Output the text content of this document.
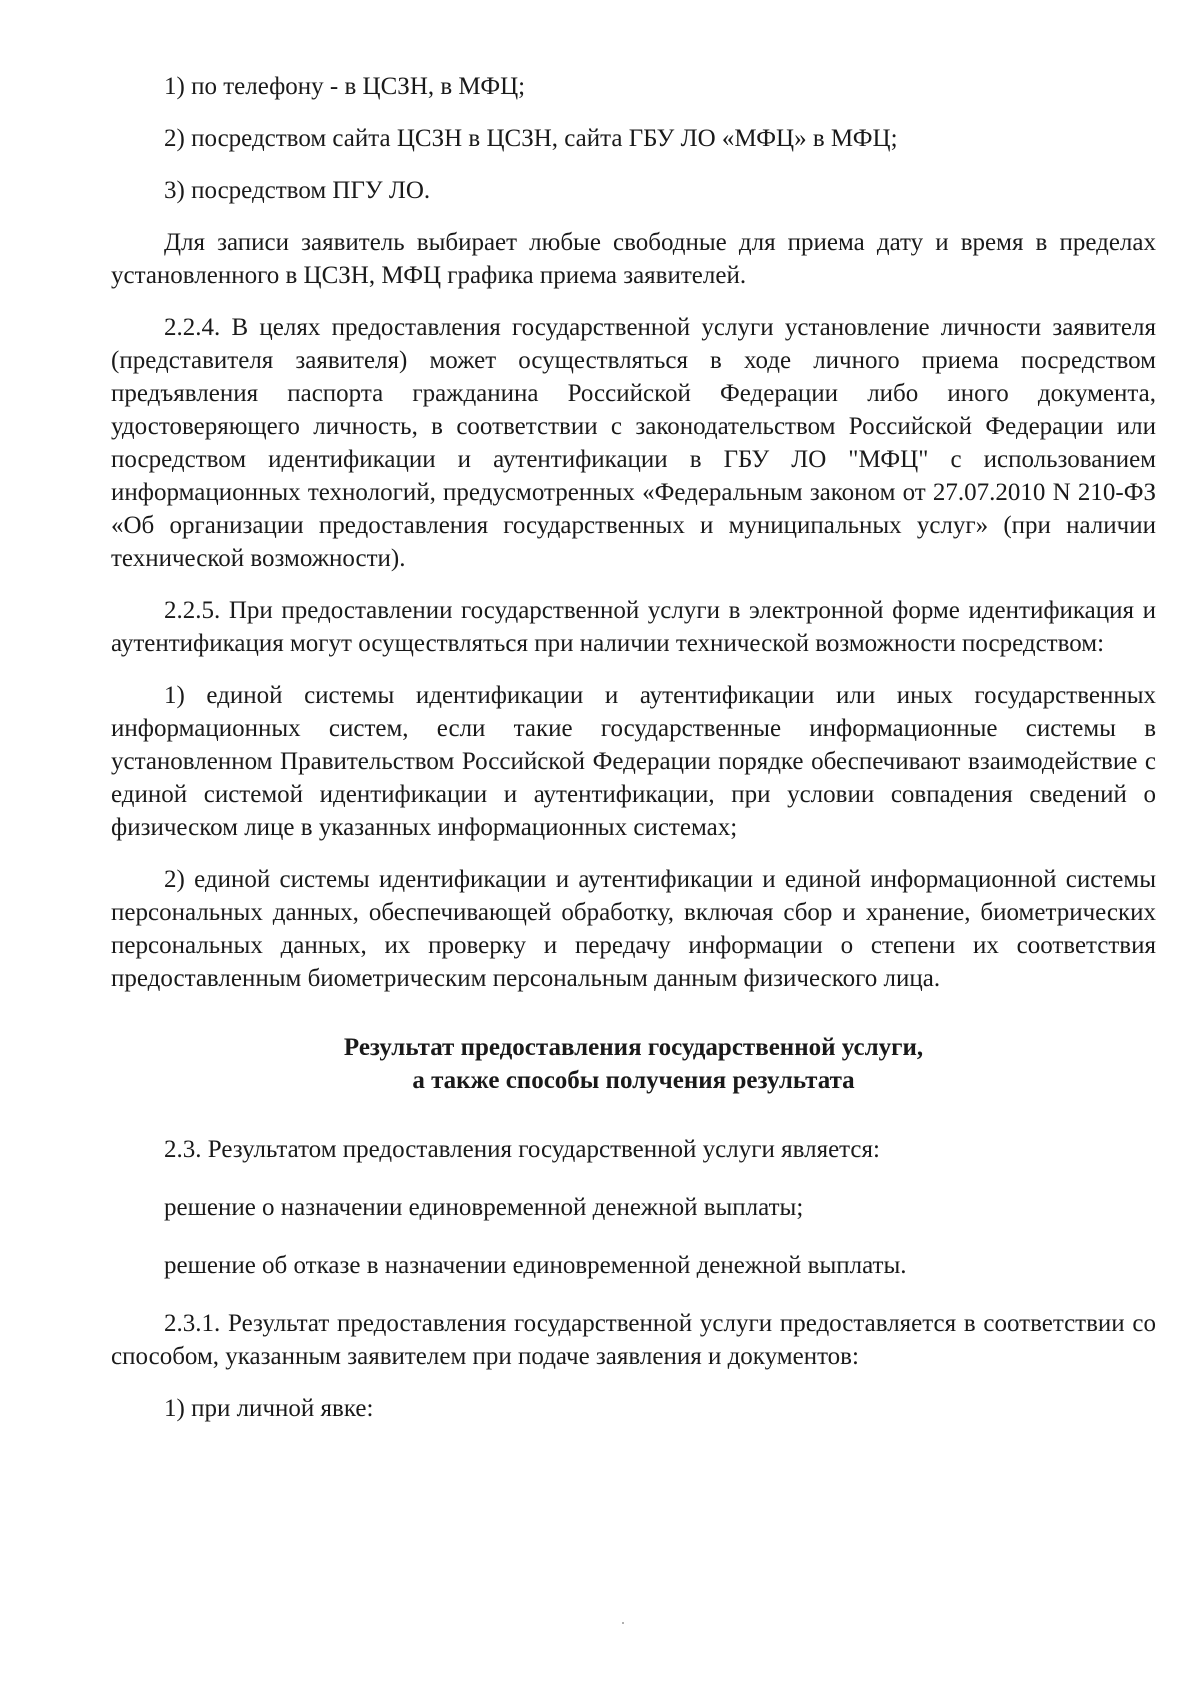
1) по телефону - в ЦСЗН, в МФЦ;

2) посредством сайта ЦСЗН в ЦСЗН, сайта ГБУ ЛО «МФЦ» в МФЦ;

3) посредством ПГУ ЛО.

Для записи заявитель выбирает любые свободные для приема дату и время в пределах установленного в ЦСЗН, МФЦ графика приема заявителей.

2.2.4. В целях предоставления государственной услуги установление личности заявителя (представителя заявителя) может осуществляться в ходе личного приема посредством предъявления паспорта гражданина Российской Федерации либо иного документа, удостоверяющего личность, в соответствии с законодательством Российской Федерации или посредством идентификации и аутентификации в ГБУ ЛО "МФЦ" с использованием информационных технологий, предусмотренных «Федеральным законом от 27.07.2010 N 210-ФЗ «Об организации предоставления государственных и муниципальных услуг» (при наличии технической возможности).

2.2.5. При предоставлении государственной услуги в электронной форме идентификация и аутентификация могут осуществляться при наличии технической возможности посредством:

1) единой системы идентификации и аутентификации или иных государственных информационных систем, если такие государственные информационные системы в установленном Правительством Российской Федерации порядке обеспечивают взаимодействие с единой системой идентификации и аутентификации, при условии совпадения сведений о физическом лице в указанных информационных системах;

2) единой системы идентификации и аутентификации и единой информационной системы персональных данных, обеспечивающей обработку, включая сбор и хранение, биометрических персональных данных, их проверку и передачу информации о степени их соответствия предоставленным биометрическим персональным данным физического лица.

Результат предоставления государственной услуги,
а также способы получения результата

2.3. Результатом предоставления государственной услуги является:

решение о назначении единовременной денежной выплаты;

решение об отказе в назначении единовременной денежной выплаты.

2.3.1. Результат предоставления государственной услуги предоставляется в соответствии со способом, указанным заявителем при подаче заявления и документов:

1) при личной явке:
